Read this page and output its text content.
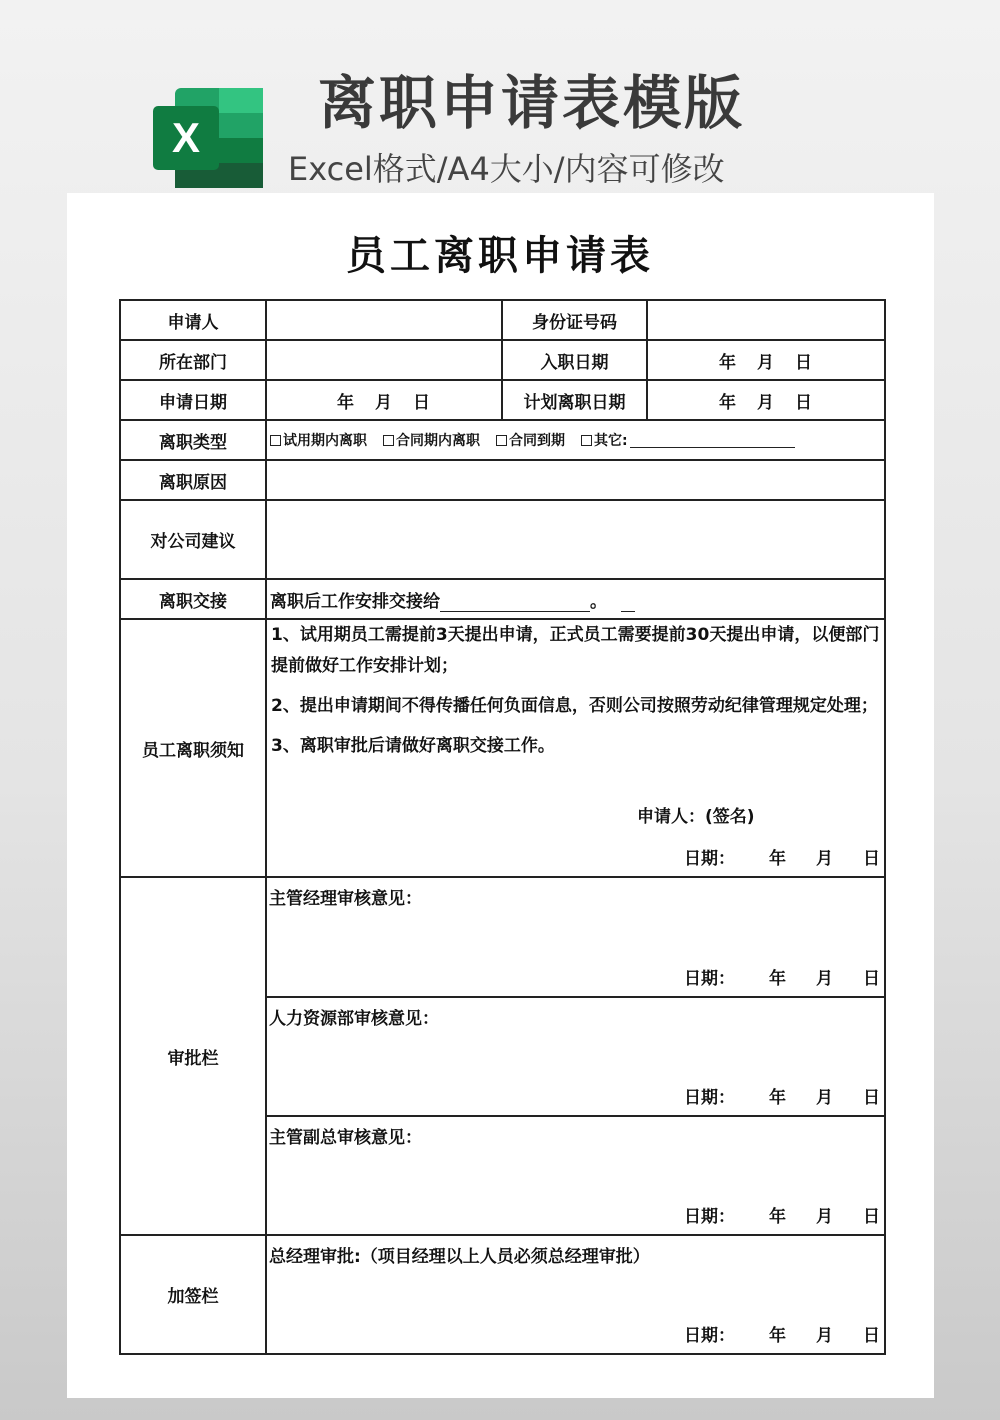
X
离职申请表模版
Excel格式/A4大小/内容可修改
员工离职申请表
申请人		身份证号码	
所在部门		入职日期	年 月 日
申请日期	年 月 日	计划离职日期	年 月 日
离职类型	试用期内离职 合同期内离职 合同到期 其它:		

离职原因			
对公司建议			
离职交接	离职后工作安排交接给 。		
员工离职须知	1、试用期员工需提前3天提出申请，正式员工需要提前30天提出申请，以便部门提前做好工作安排计划；

2、提出申请期间不得传播任何负面信息，否则公司按照劳动纪律管理规定处理；

3、离职审批后请做好离职交接工作。

申请人：(签名)
日期： 年 月 日		

审批栏	主管经理审核意见：
日期： 年 月 日		

	人力资源部审核意见：
日期： 年 月 日		

	主管副总审核意见：
日期： 年 月 日		

加签栏	总经理审批:（项目经理以上人员必须总经理审批）
日期： 年 月 日		
